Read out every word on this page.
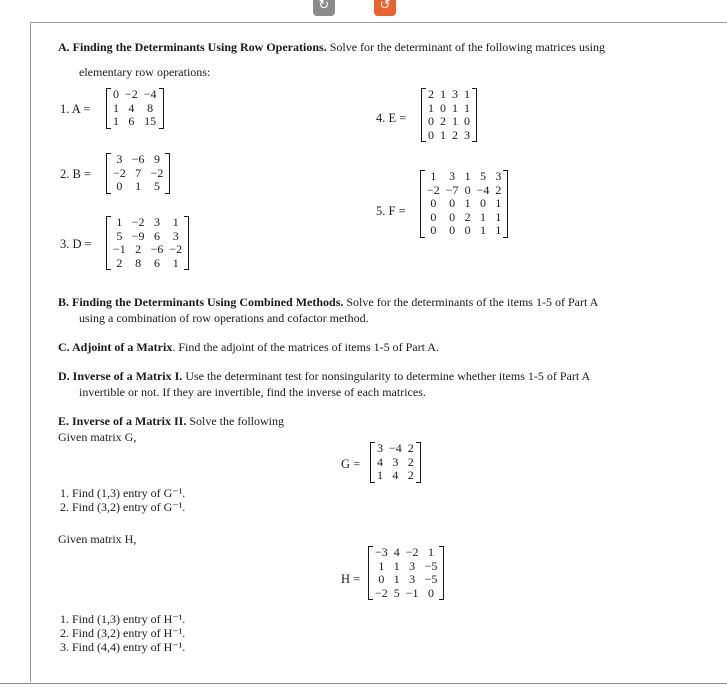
↻	↺
A. Finding the Determinants Using Row Operations. Solve for the determinant of the following matrices using
elementary row operations:
1. A =
0	−2	−4
1	4	8
1	6	15
2. B =
3	−6	9
−2	7	−2
0	1	5
3. D =
1	−2	3	1
5	−9	6	3
−1	2	−6	−2
2	8	6	1
4. E =
2	1	3	1
1	0	1	1
0	2	1	0
0	1	2	3
5. F =
1	3	1	5	3
−2	−7	0	−4	2
0	0	1	0	1
0	0	2	1	1
0	0	0	1	1
B. Finding the Determinants Using Combined Methods. Solve for the determinants of the items 1-5 of Part A
using a combination of row operations and cofactor method.
C. Adjoint of a Matrix. Find the adjoint of the matrices of items 1-5 of Part A.
D. Inverse of a Matrix I. Use the determinant test for nonsingularity to determine whether items 1-5 of Part A
invertible or not. If they are invertible, find the inverse of each matrices.
E. Inverse of a Matrix II. Solve the following
Given matrix G,
G =
3	−4	2
4	3	2
1	4	2
1. Find (1,3) entry of G⁻¹.
2. Find (3,2) entry of G⁻¹.
Given matrix H,
H =
−3	4	−2	1
1	1	3	−5
0	1	3	−5
−2	5	−1	0
1. Find (1,3) entry of H⁻¹.
2. Find (3,2) entry of H⁻¹.
3. Find (4,4) entry of H⁻¹.
